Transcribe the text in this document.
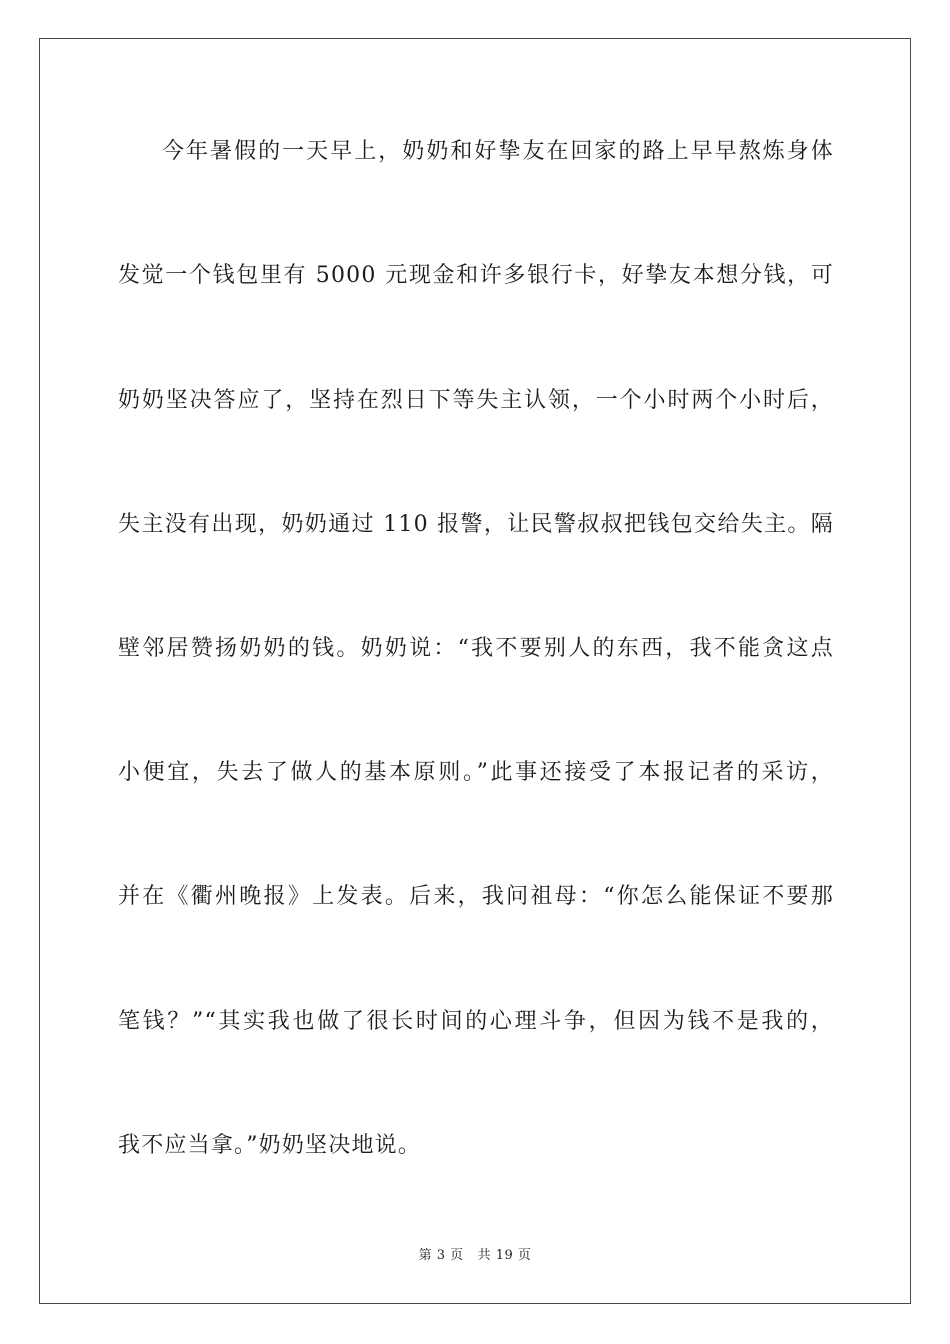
今年暑假的一天早上，奶奶和好挚友在回家的路上早早熬炼身体
发觉一个钱包里有 5000 元现金和许多银行卡，好挚友本想分钱，可
奶奶坚决答应了，坚持在烈日下等失主认领，一个小时两个小时后，
失主没有出现，奶奶通过 110 报警，让民警叔叔把钱包交给失主。隔
壁邻居赞扬奶奶的钱。奶奶说：“我不要别人的东西，我不能贪这点
小便宜，失去了做人的基本原则。”此事还接受了本报记者的采访，
并在《衢州晚报》上发表。后来，我问祖母：“你怎么能保证不要那
笔钱？”“其实我也做了很长时间的心理斗争，但因为钱不是我的，
我不应当拿。”奶奶坚决地说。
第 3 页 共 19 页
